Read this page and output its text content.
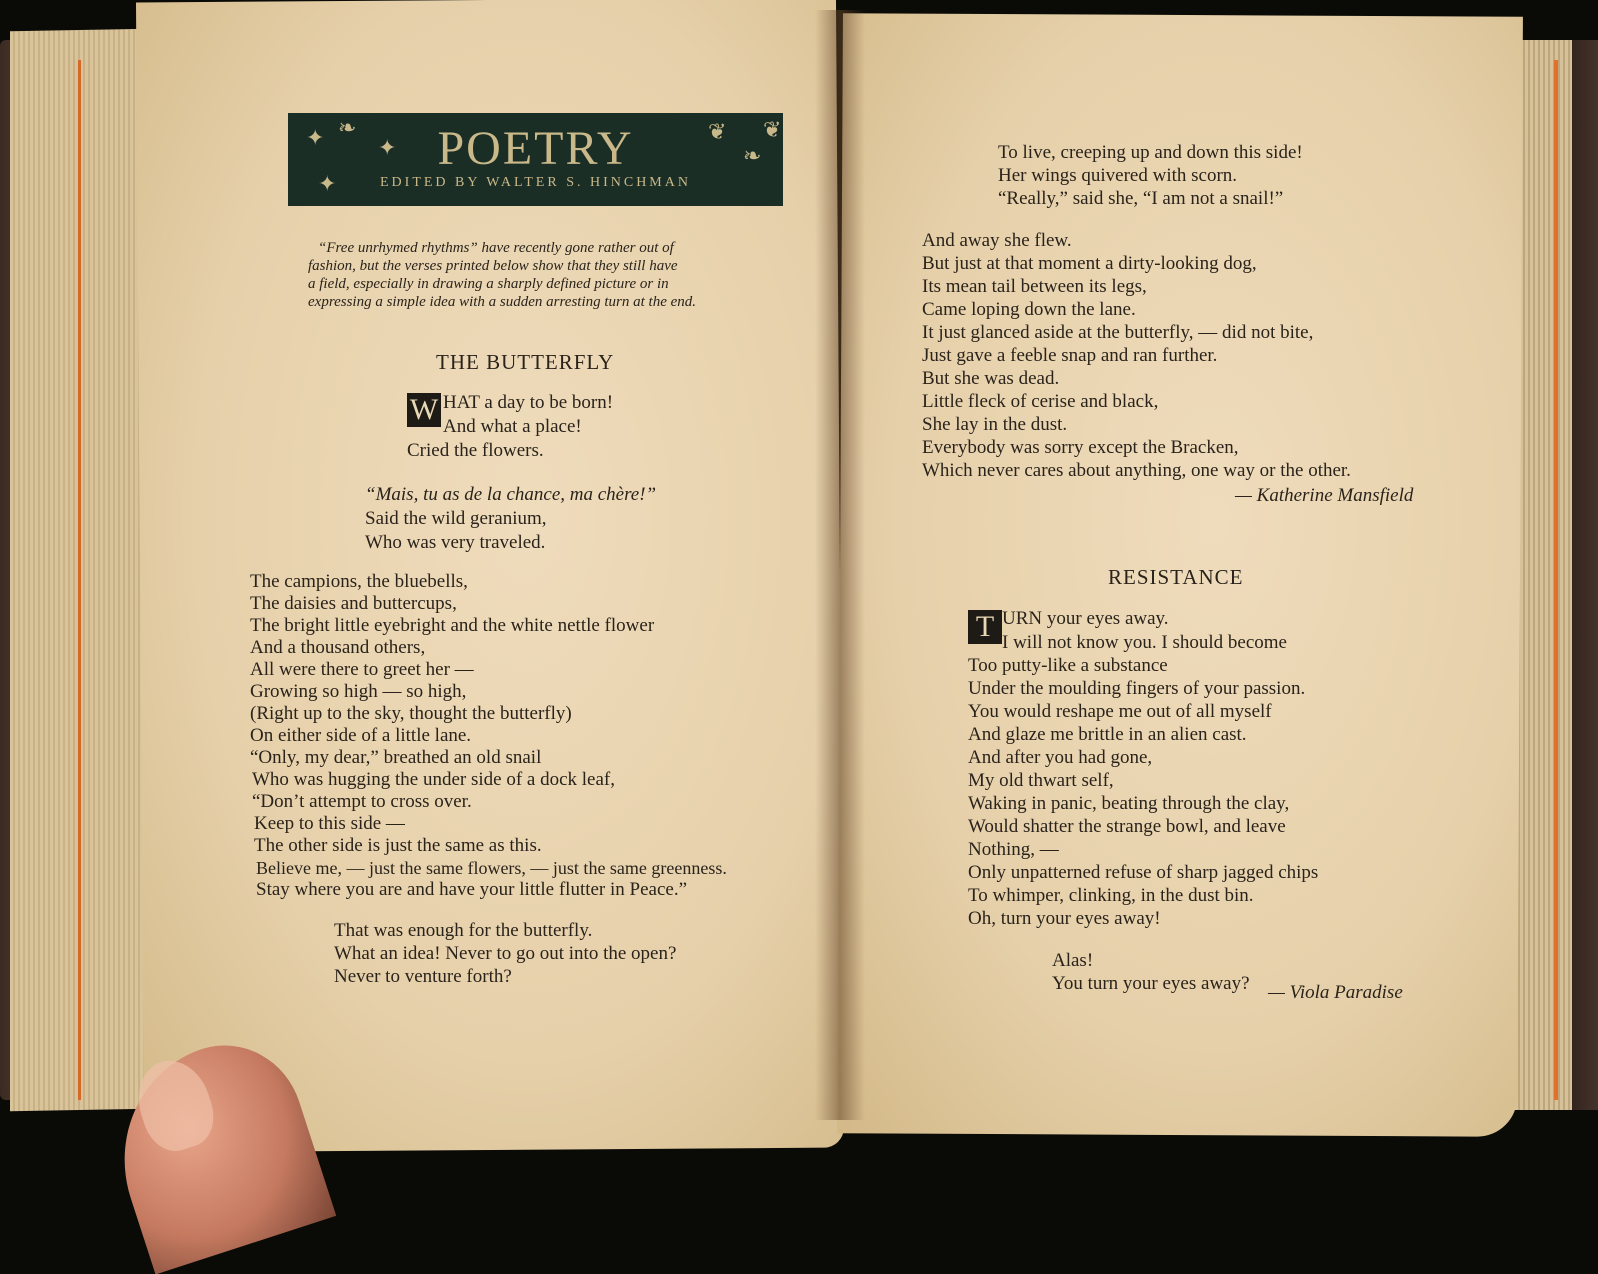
✦ ❧
✦
✦
❦
❧
❦
POETRY
EDITED BY WALTER S. HINCHMAN
“Free unrhymed rhythms” have recently gone rather out of
fashion, but the verses printed below show that they still have
a field, especially in drawing a sharply defined picture or in
expressing a simple idea with a sudden arresting turn at the end.
THE BUTTERFLY
W HAT a day to be born!
And what a place!
Cried the flowers.
“Mais, tu as de la chance, ma chère!”
Said the wild geranium,
Who was very traveled.
The campions, the bluebells,
The daisies and buttercups,
The bright little eyebright and the white nettle flower
And a thousand others,
All were there to greet her —
Growing so high — so high,
(Right up to the sky, thought the butterfly)
On either side of a little lane.
“Only, my dear,” breathed an old snail
Who was hugging the under side of a dock leaf,
“Don’t attempt to cross over.
Keep to this side —
The other side is just the same as this.
Believe me, — just the same flowers, — just the same greenness.
Stay where you are and have your little flutter in Peace.”
That was enough for the butterfly.
What an idea! Never to go out into the open?
Never to venture forth?
To live, creeping up and down this side!
Her wings quivered with scorn.
“Really,” said she, “I am not a snail!”
And away she flew.
But just at that moment a dirty-looking dog,
Its mean tail between its legs,
Came loping down the lane.
It just glanced aside at the butterfly, — did not bite,
Just gave a feeble snap and ran further.
But she was dead.
Little fleck of cerise and black,
She lay in the dust.
Everybody was sorry except the Bracken,
Which never cares about anything, one way or the other.
— Katherine Mansfield
RESISTANCE
T URN your eyes away.
I will not know you. I should become
Too putty-like a substance
Under the moulding fingers of your passion.
You would reshape me out of all myself
And glaze me brittle in an alien cast.
And after you had gone,
My old thwart self,
Waking in panic, beating through the clay,
Would shatter the strange bowl, and leave
Nothing, —
Only unpatterned refuse of sharp jagged chips
To whimper, clinking, in the dust bin.
Oh, turn your eyes away!
Alas!
You turn your eyes away? — Viola Paradise
